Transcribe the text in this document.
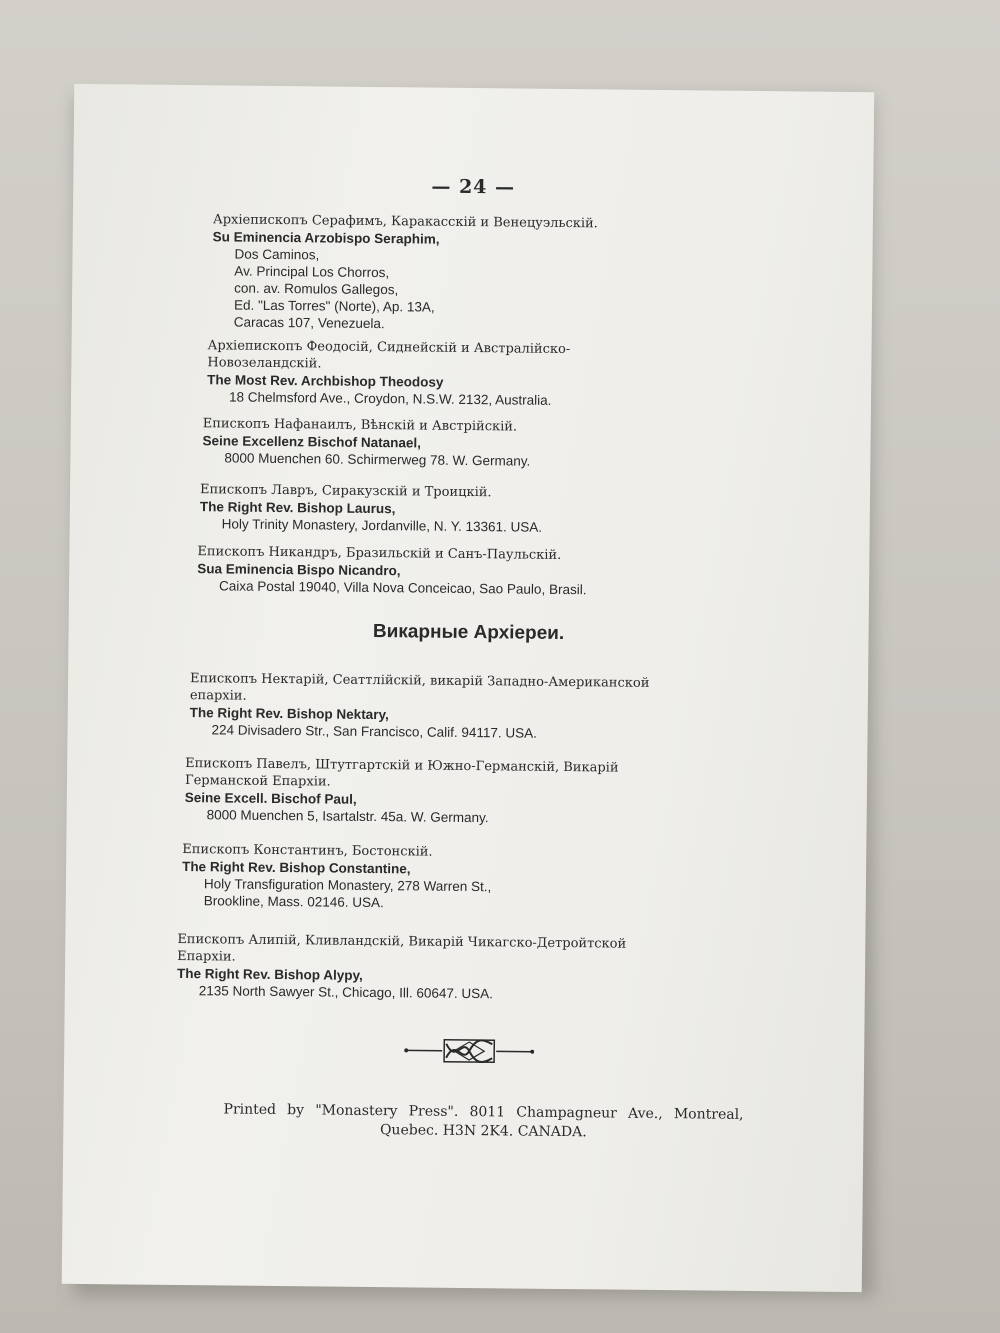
— 24 —
Архiепископъ Серафимъ, Каракасскiй и Венецуэльскiй.
Su Eminencia Arzobispo Seraphim,
Dos Caminos,
Av. Principal Los Chorros,
con. av. Romulos Gallegos,
Ed. "Las Torres" (Norte), Ap. 13A,
Caracas 107, Venezuela.
Архiепископъ Феодосiй, Сиднейскiй и Австралiйско-Новозеландскiй.
The Most Rev. Archbishop Theodosy
18 Chelmsford Ave., Croydon, N.S.W. 2132, Australia.
Епископъ Нафанаилъ, Вѣнскiй и Австрiйскiй.
Seine Excellenz Bischof Natanael,
8000 Muenchen 60. Schirmerweg 78. W. Germany.
Епископъ Лавръ, Сиракузскiй и Троицкiй.
The Right Rev. Bishop Laurus,
Holy Trinity Monastery, Jordanville, N. Y. 13361. USA.
Епископъ Никандръ, Бразильскiй и Санъ-Паульскiй.
Sua Eminencia Bispo Nicandro,
Caixa Postal 19040, Villa Nova Conceicao, Sao Paulo, Brasil.
Викарные Архiереи.
Епископъ Нектарiй, Сеаттлiйскiй, викарiй Западно-Американской епархiи.
The Right Rev. Bishop Nektary,
224 Divisadero Str., San Francisco, Calif. 94117. USA.
Епископъ Павелъ, Штутгартскiй и Южно-Германскiй, Викарiй Германской Епархiи.
Seine Excell. Bischof Paul,
8000 Muenchen 5, Isartalstr. 45a. W. Germany.
Епископъ Константинъ, Бостонскiй.
The Right Rev. Bishop Constantine,
Holy Transfiguration Monastery, 278 Warren St.,
Brookline, Mass. 02146. USA.
Епископъ Алипiй, Кливландскiй, Викарiй Чикагско-Детройтской Епархiи.
The Right Rev. Bishop Alypy,
2135 North Sawyer St., Chicago, Ill. 60647. USA.
Printed by "Monastery Press". 8011 Champagneur Ave., Montreal,
Quebec. H3N 2K4. CANADA.
